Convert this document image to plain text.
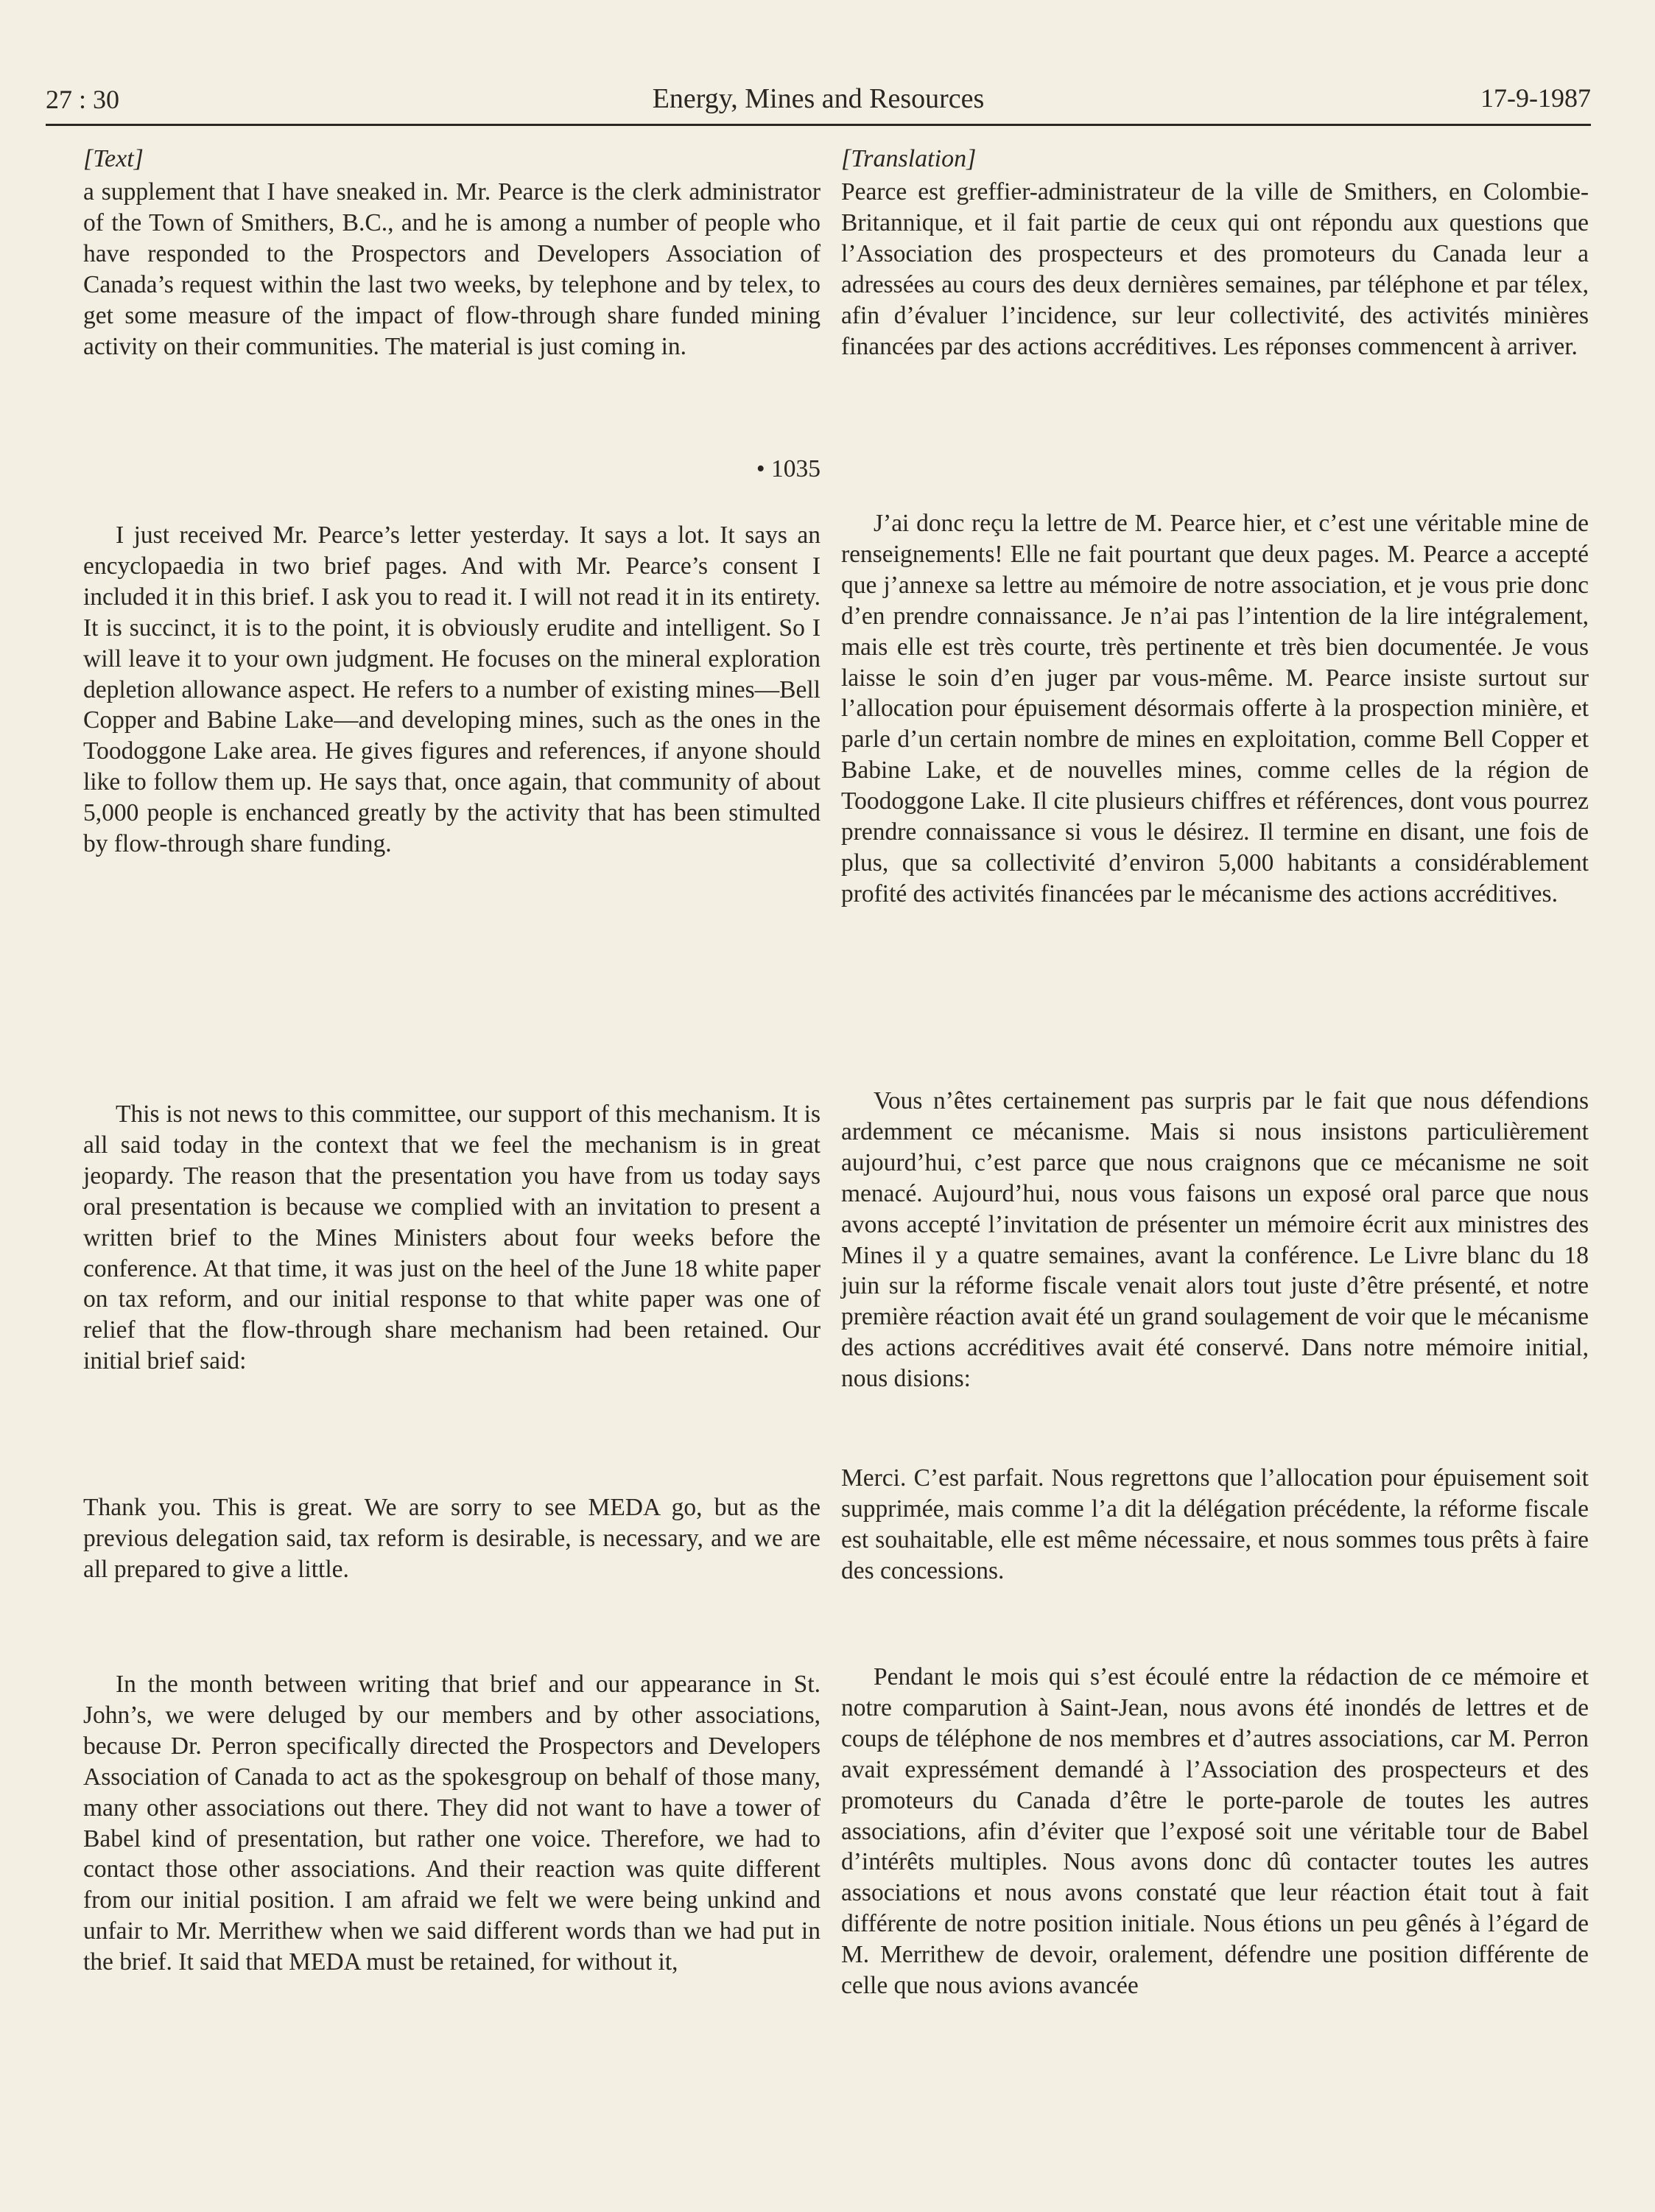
27 : 30	Energy, Mines and Resources	17-9-1987
[Text]

a supplement that I have sneaked in. Mr. Pearce is the clerk administrator of the Town of Smithers, B.C., and he is among a number of people who have responded to the Prospectors and Developers Association of Canada’s request within the last two weeks, by telephone and by telex, to get some measure of the impact of flow-through share funded mining activity on their communities. The material is just coming in.

• 1035

I just received Mr. Pearce’s letter yesterday. It says a lot. It says an encyclopaedia in two brief pages. And with Mr. Pearce’s consent I included it in this brief. I ask you to read it. I will not read it in its entirety. It is succinct, it is to the point, it is obviously erudite and intelligent. So I will leave it to your own judgment. He focuses on the mineral exploration depletion allowance aspect. He refers to a number of existing mines—Bell Copper and Babine Lake—and developing mines, such as the ones in the Toodoggone Lake area. He gives figures and references, if anyone should like to follow them up. He says that, once again, that community of about 5,000 people is enchanced greatly by the activity that has been stimulted by flow-through share funding.

This is not news to this committee, our support of this mechanism. It is all said today in the context that we feel the mechanism is in great jeopardy. The reason that the presentation you have from us today says oral presentation is because we complied with an invitation to present a written brief to the Mines Ministers about four weeks before the conference. At that time, it was just on the heel of the June 18 white paper on tax reform, and our initial response to that white paper was one of relief that the flow-through share mechanism had been retained. Our initial brief said:

Thank you. This is great. We are sorry to see MEDA go, but as the previous delegation said, tax reform is desirable, is necessary, and we are all prepared to give a little.

In the month between writing that brief and our appearance in St. John’s, we were deluged by our members and by other associations, because Dr. Perron specifically directed the Prospectors and Developers Association of Canada to act as the spokesgroup on behalf of those many, many other associations out there. They did not want to have a tower of Babel kind of presentation, but rather one voice. Therefore, we had to contact those other associations. And their reaction was quite different from our initial position. I am afraid we felt we were being unkind and unfair to Mr. Merrithew when we said different words than we had put in the brief. It said that MEDA must be retained, for without it,

[Translation]

Pearce est greffier-administrateur de la ville de Smithers, en Colombie-Britannique, et il fait partie de ceux qui ont répondu aux questions que l’Association des prospecteurs et des promoteurs du Canada leur a adressées au cours des deux dernières semaines, par téléphone et par télex, afin d’évaluer l’incidence, sur leur collectivité, des activités minières financées par des actions accréditives. Les réponses commencent à arriver.

J’ai donc reçu la lettre de M. Pearce hier, et c’est une véritable mine de renseignements! Elle ne fait pourtant que deux pages. M. Pearce a accepté que j’annexe sa lettre au mémoire de notre association, et je vous prie donc d’en prendre connaissance. Je n’ai pas l’intention de la lire intégralement, mais elle est très courte, très pertinente et très bien documentée. Je vous laisse le soin d’en juger par vous-même. M. Pearce insiste surtout sur l’allocation pour épuisement désormais offerte à la prospection minière, et parle d’un certain nombre de mines en exploitation, comme Bell Copper et Babine Lake, et de nouvelles mines, comme celles de la région de Toodoggone Lake. Il cite plusieurs chiffres et références, dont vous pourrez prendre connaissance si vous le désirez. Il termine en disant, une fois de plus, que sa collectivité d’environ 5,000 habitants a considérablement profité des activités financées par le mécanisme des actions accréditives.

Vous n’êtes certainement pas surpris par le fait que nous défendions ardemment ce mécanisme. Mais si nous insistons particulièrement aujourd’hui, c’est parce que nous craignons que ce mécanisme ne soit menacé. Aujourd’hui, nous vous faisons un exposé oral parce que nous avons accepté l’invitation de présenter un mémoire écrit aux ministres des Mines il y a quatre semaines, avant la conférence. Le Livre blanc du 18 juin sur la réforme fiscale venait alors tout juste d’être présenté, et notre première réaction avait été un grand soulagement de voir que le mécanisme des actions accréditives avait été conservé. Dans notre mémoire initial, nous disions:

Merci. C’est parfait. Nous regrettons que l’allocation pour épuisement soit supprimée, mais comme l’a dit la délégation précédente, la réforme fiscale est souhaitable, elle est même nécessaire, et nous sommes tous prêts à faire des concessions.

Pendant le mois qui s’est écoulé entre la rédaction de ce mémoire et notre comparution à Saint-Jean, nous avons été inondés de lettres et de coups de téléphone de nos membres et d’autres associations, car M. Perron avait expressément demandé à l’Association des prospecteurs et des promoteurs du Canada d’être le porte-parole de toutes les autres associations, afin d’éviter que l’exposé soit une véritable tour de Babel d’intérêts multiples. Nous avons donc dû contacter toutes les autres associations et nous avons constaté que leur réaction était tout à fait différente de notre position initiale. Nous étions un peu gênés à l’égard de M. Merrithew de devoir, oralement, défendre une position différente de celle que nous avions avancée
